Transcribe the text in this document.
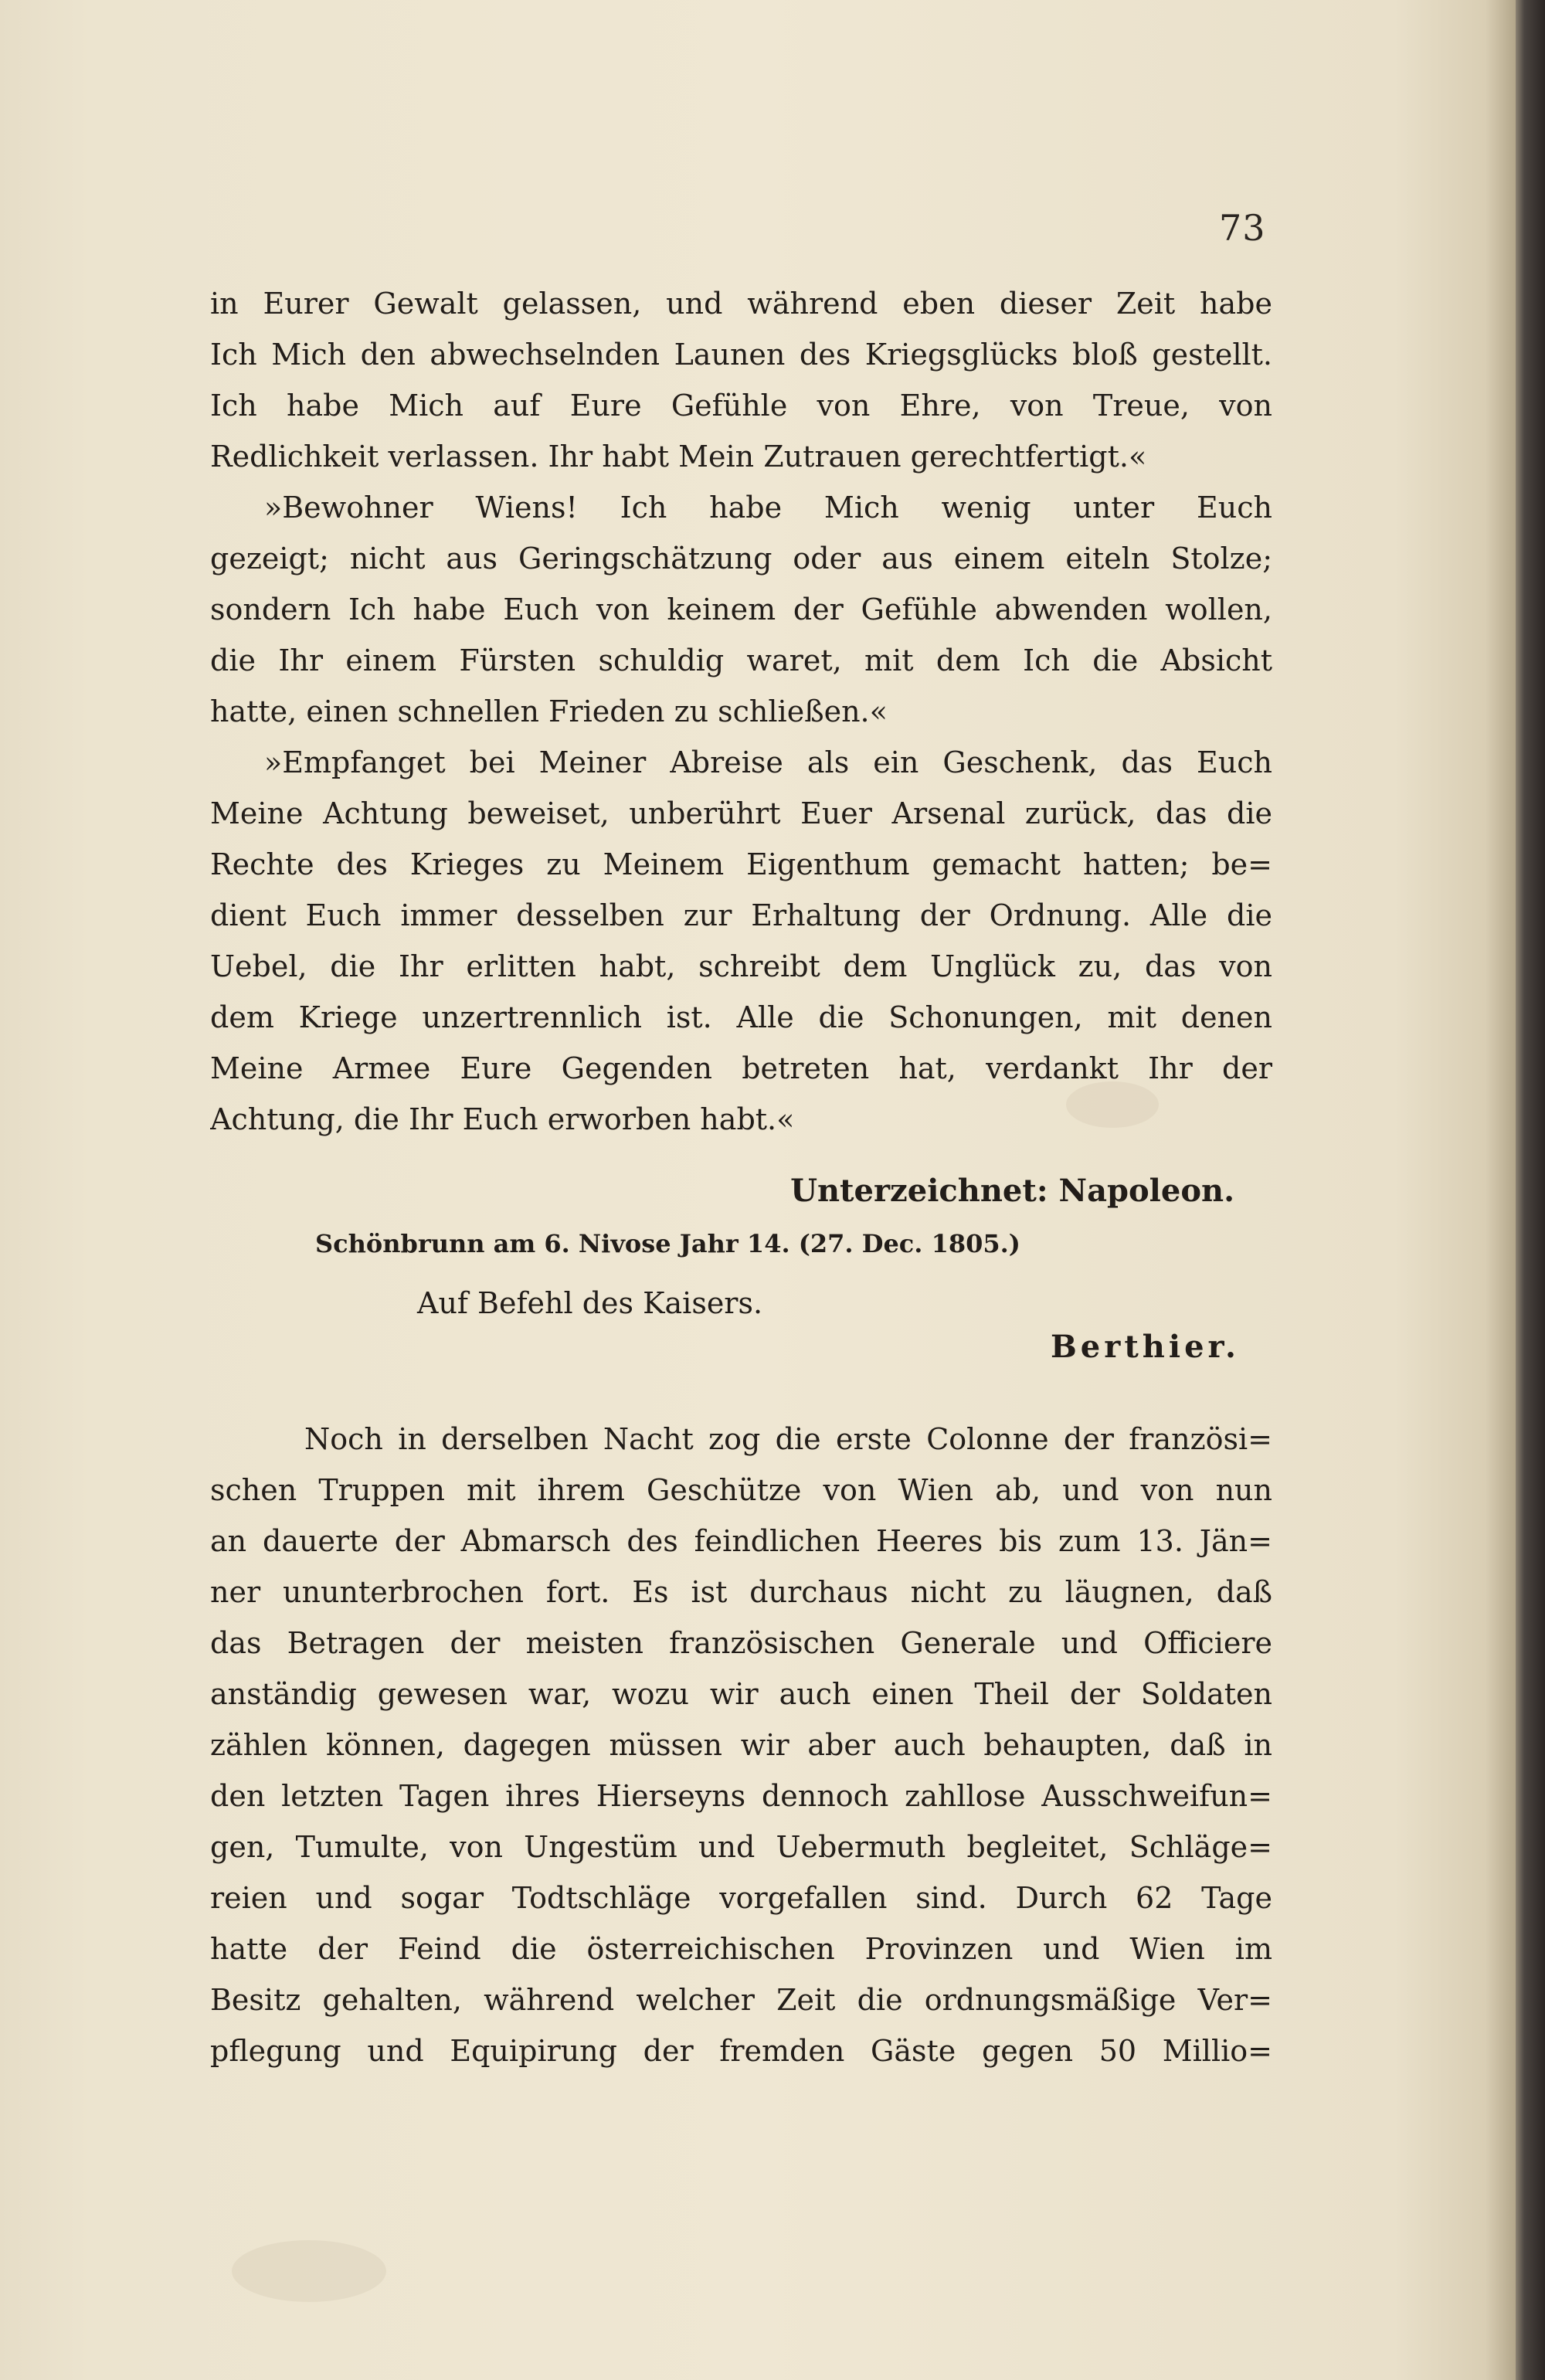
73
in Eurer Gewalt gelassen, und während eben dieser Zeit habe
Ich Mich den abwechselnden Launen des Kriegsglücks bloß gestellt.
Ich habe Mich auf Eure Gefühle von Ehre, von Treue, von
Redlichkeit verlassen. Ihr habt Mein Zutrauen gerechtfertigt.«
»Bewohner Wiens! Ich habe Mich wenig unter Euch
gezeigt; nicht aus Geringschätzung oder aus einem eiteln Stolze;
sondern Ich habe Euch von keinem der Gefühle abwenden wollen,
die Ihr einem Fürsten schuldig waret, mit dem Ich die Absicht
hatte, einen schnellen Frieden zu schließen.«
»Empfanget bei Meiner Abreise als ein Geschenk, das Euch
Meine Achtung beweiset, unberührt Euer Arsenal zurück, das die
Rechte des Krieges zu Meinem Eigenthum gemacht hatten; be=
dient Euch immer desselben zur Erhaltung der Ordnung. Alle die
Uebel, die Ihr erlitten habt, schreibt dem Unglück zu, das von
dem Kriege unzertrennlich ist. Alle die Schonungen, mit denen
Meine Armee Eure Gegenden betreten hat, verdankt Ihr der
Achtung, die Ihr Euch erworben habt.«
Unterzeichnet: Napoleon.
Schönbrunn am 6. Nivose Jahr 14. (27. Dec. 1805.)
Auf Befehl des Kaisers.
Berthier.
Noch in derselben Nacht zog die erste Colonne der französi=
schen Truppen mit ihrem Geschütze von Wien ab, und von nun
an dauerte der Abmarsch des feindlichen Heeres bis zum 13. Jän=
ner ununterbrochen fort. Es ist durchaus nicht zu läugnen, daß
das Betragen der meisten französischen Generale und Officiere
anständig gewesen war, wozu wir auch einen Theil der Soldaten
zählen können, dagegen müssen wir aber auch behaupten, daß in
den letzten Tagen ihres Hierseyns dennoch zahllose Ausschweifun=
gen, Tumulte, von Ungestüm und Uebermuth begleitet, Schläge=
reien und sogar Todtschläge vorgefallen sind. Durch 62 Tage
hatte der Feind die österreichischen Provinzen und Wien im
Besitz gehalten, während welcher Zeit die ordnungsmäßige Ver=
pflegung und Equipirung der fremden Gäste gegen 50 Millio=
